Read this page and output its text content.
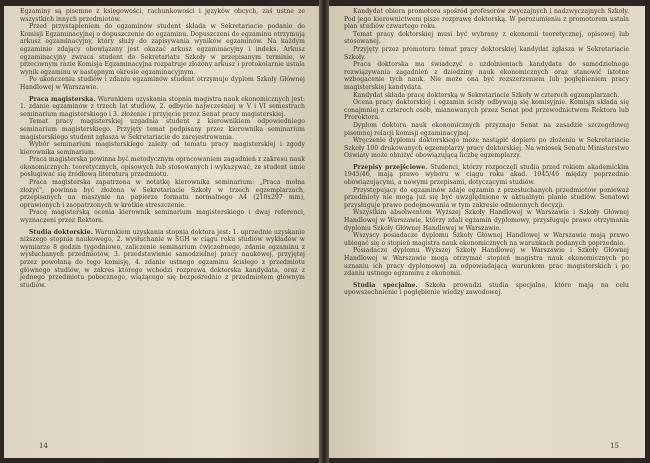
Egzaminy są pisemne z księgowości, rachunkowości i języków obcych, zaś ustne ze wszystkich innych przedmiotów.

Przed przystąpieniem do egzaminów student składa w Sekretariacie podanie do Komisji Egzaminacyjnej o dopuszczenie do egzaminu. Dopuszczeni do egzaminu otrzymują arkusz egzaminacyjny, który służy do zapisywania wyników egzaminów. Na każdym egzaminie zdający obowiązany jest okazać arkusz egzaminacyjny i indeks. Arkusz egzaminacyjny zwraca student do Sekretariatu Szkoły w przepisanym terminie, w przeciwnym razie Komisja Egzaminacyjna rozpatruje złożony arkusz i protokolarnie ustala wynik egzaminu w następnym okresie egzaminacyjnym.

Po ukończeniu studiów i zdaniu egzaminów student otrzymuje dyplom Szkoły Głównej Handlowej w Warszawie.

Praca magisterska. Warunkiem uzyskania stopnia magistra nauk ekonomicznych jest: 1. zdanie egzaminów z trzech lat studiów, 2. odbycie najwcześniej w V i VI semestrach seminarium magisterskiego i 3. złożenie i przyjęcie przez Senat pracy magisterskiej.

Temat pracy magisterskiej uzgadnia student z kierownikiem odpowiedniego seminarium magisterskiego. Przyjęty temat podpisany przez kierownika seminarium magisterskiego student zgłasza w Sekretariacie do zarejestrowania.

Wybór seminarium magisterskiego zależy od tematu pracy magisterskiej i zgody kierownika seminarium.

Praca magisterska powinna być metodycznym opracowaniem zagadnień z zakresu nauk ekonomicznych: teoretycznych, opisowych lub stosowanych i wykazywać, że student umie posługiwać się źródłową literaturą przedmiotu.

Praca magisterska zapatrzona w notatkę kierownika seminarium: „Praca mołna złożyć", powinna być złożona w Sekretariacie Szkoły w trzech egzemplarzach, przepisanych na maszynie na papierze formatu normalnego A4 (210x297 mm), oprawionych i zaopatrzonych w krótkie streszczenie.

Pracę magisterską ocenia kierownik seminarium magisterskiego i dwaj referenci, wyznaczeni przez Rektora.

Studia doktorskie. Warunkiem uzyskania stopnia doktora jest: 1. uprzednie uzyskanie niższego stopnia naukowego, 2. wysłuchanie w SGH w ciągu roku studiów wykładów w wymiarze 8 godzin tygodniowo, zaliczenie seminarium ćwiczebnego, zdanie egzaminu z wysłuchanych przedmiotów, 3. przedstawienie samodzielnej pracy naukowej, przyjętej przez powołaną do tego komisję, 4. zdanie ustnego egzaminu ścisłego z przedmiotu głównego studiów, w zakres którego wchodzi rozprawa doktorska kandydata, oraz z jednego przedmiotu pobocznego, wiążącego się bezpośrednio z przedmiotem głównym studiów.

14

Kandydat obiera promotora spośród profesorów zwyczajnych i nadzwyczajnych Szkoły. Pod jego kierownictwem pisze rozprawę doktorską. W porozumieniu z promotorem ustala plan studiów czwartego roku.

Temat pracy doktorskiej musi być wybrany z ekonomii teoretycznej, opisowej lub stosowanej.

Przyjęty przez promotora temat pracy doktorskiej kandydat zgłasza w Sekretariacie Szkoły.

Praca doktorska ma świadczyć o uzdolnieniach kandydata do samodzielnego rozwiązywania zagadnień z dziedziny nauk ekonomicznych oraz stanowić istotne wzbogacenie tych nauk. Nie może ona być rozszerzeniem lub pogłębieniem pracy magisterskiej kandydata.

Kandydat składa pracę doktorską w Sekretariacie Szkoły w czterech egzemplarzach.

Ocena pracy doktorskiej i egzamin ścisły odbywają się komisyjnie. Komisja składa się conajmniej z czterech osób, mianowanych przez Senat pod przewodnictwem Rektora lub Prorektora.

Dyplom doktora nauk ekonomicznych przyznaje Senat na zasadzie szczegółowej pisemnej relacji komisji egzaminacyjnej.

Wręczenie dyplomu doktorskiego może nastąpić dopiero po złożeniu w Sekretariacie Szkoły 100 drukowanych egzemplarzy pracy doktorskiej. Na wniosek Senatu Ministerstwo Oświaty może obniżyć obowiązującą liczbę egzemplarzy.

Przepisy przejściowe. Studenci, którzy rozpoczęli studia przed rokiem akademickim 1945/46, mają prawo wyboru w ciągu roku akad. 1945/46 między poprzednio obowiązującymi, a nowymi przepisami, dotyczącymi studiów.

Przystępujący do egzaminów zdaje egzamin z przesłuchanych przedmiotów ponieważ przedmioty nie mogą już się być uwzględnione w aktualnym planie studiów. Senatowi przysługuje prawo podejmowania w tym zakresie odmiennych decyzji.

Wszystkim absolwentom Wyższej Szkoły Handlowej w Warszawie i Szkoły Głównej Handlowej w Warszawie, którzy zdali egzamin dyplomowy, przysługuje prawo otrzymania dyplomu Szkoły Głównej Handlowej w Warszawie.

Wszyscy posiadacze dyplomu Szkoły Głównej Handlowej w Warszawie mają prawo ubiegać się o stopień magistra nauk ekonomicznych na warunkach podanych poprzednio.

Posiadacze dyplomu Wyższej Szkoły Handlowej w Warszawie i Szkoły Głównej Handlowej w Warszawie mogą otrzymać stopień magistra nauk ekonomicznych po uznaniu ich pracy dyplomowej za odpowiadającą warunkom prac magisterskich i po zdaniu ustnego egzaminu z ekonomii.

Studia specjalne. Szkoła prowadzi studia specjalne, które mają na celu upowszechnienie i pogłębienie wiedzy zawodowej.

15
